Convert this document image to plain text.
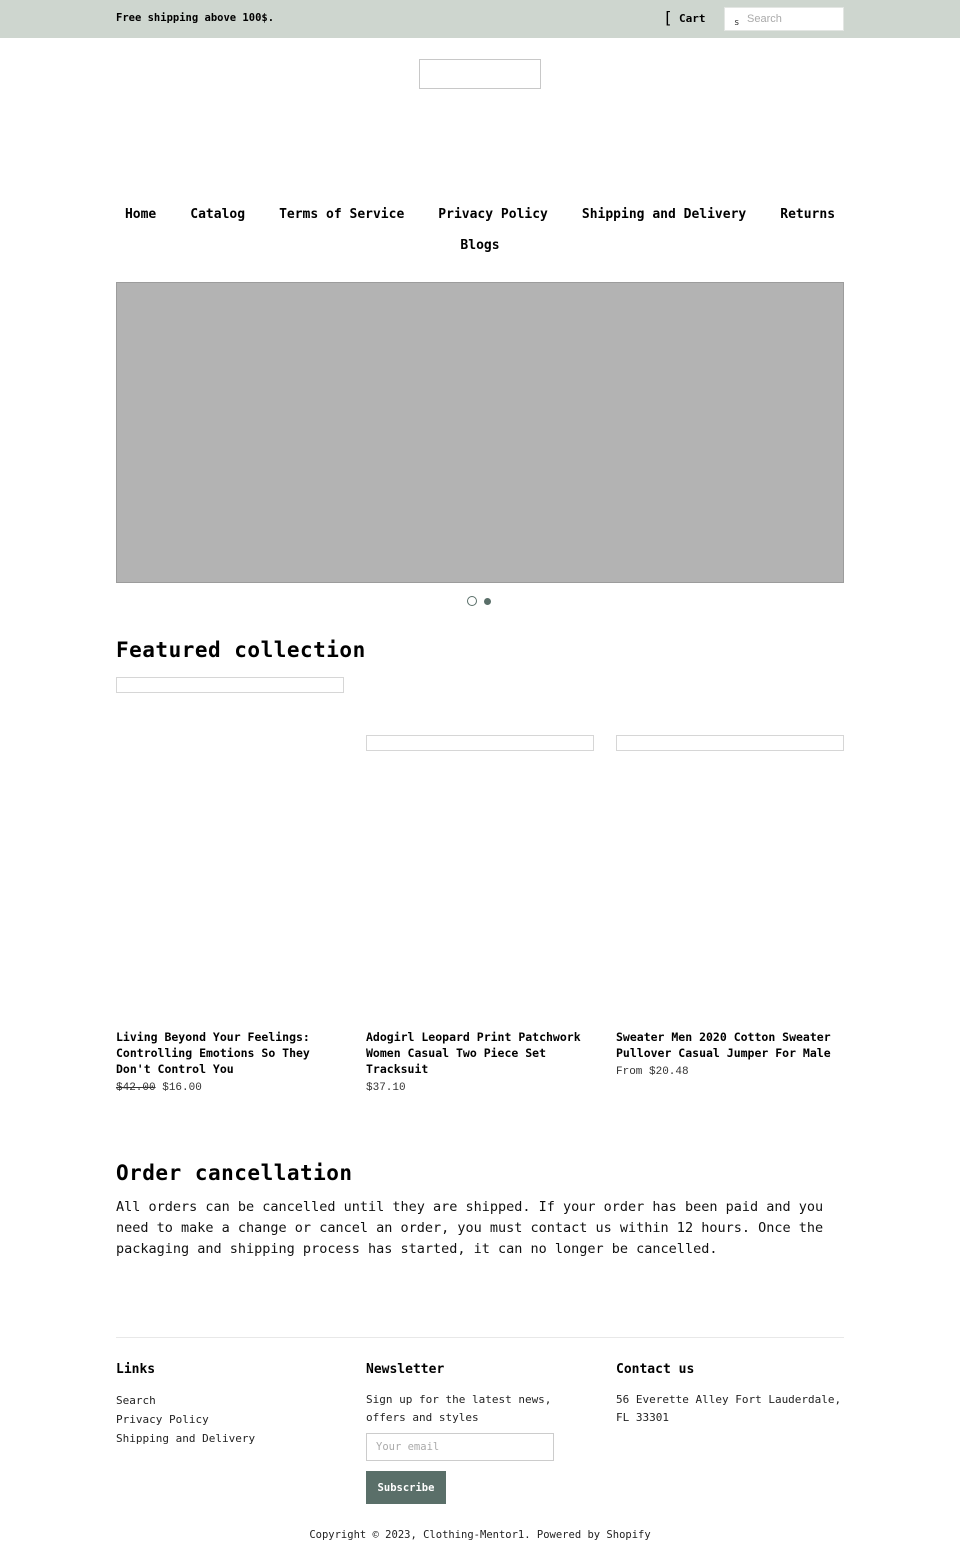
Free shipping above 100$.	[ Cart	s
Search
Home	Catalog	Terms of Service	Privacy Policy	Shipping and Delivery	Returns
Blogs
Featured collection
Living Beyond Your Feelings: Controlling Emotions So They Don't Control You
$42.00 $16.00
Adogirl Leopard Print Patchwork Women Casual Two Piece Set Tracksuit
$37.10
Sweater Men 2020 Cotton Sweater Pullover Casual Jumper For Male
From $20.48
Order cancellation

All orders can be cancelled until they are shipped. If your order has been paid and you need to make a change or cancel an order, you must contact us within 12 hours. Once the packaging and shipping process has started, it can no longer be cancelled.

Links
Search
Privacy Policy
Shipping and Delivery
Newsletter

Sign up for the latest news, offers and styles

Your email
Subscribe
Contact us

56 Everette Alley Fort Lauderdale, FL 33301

Copyright © 2023, Clothing-Mentor1. Powered by Shopify
